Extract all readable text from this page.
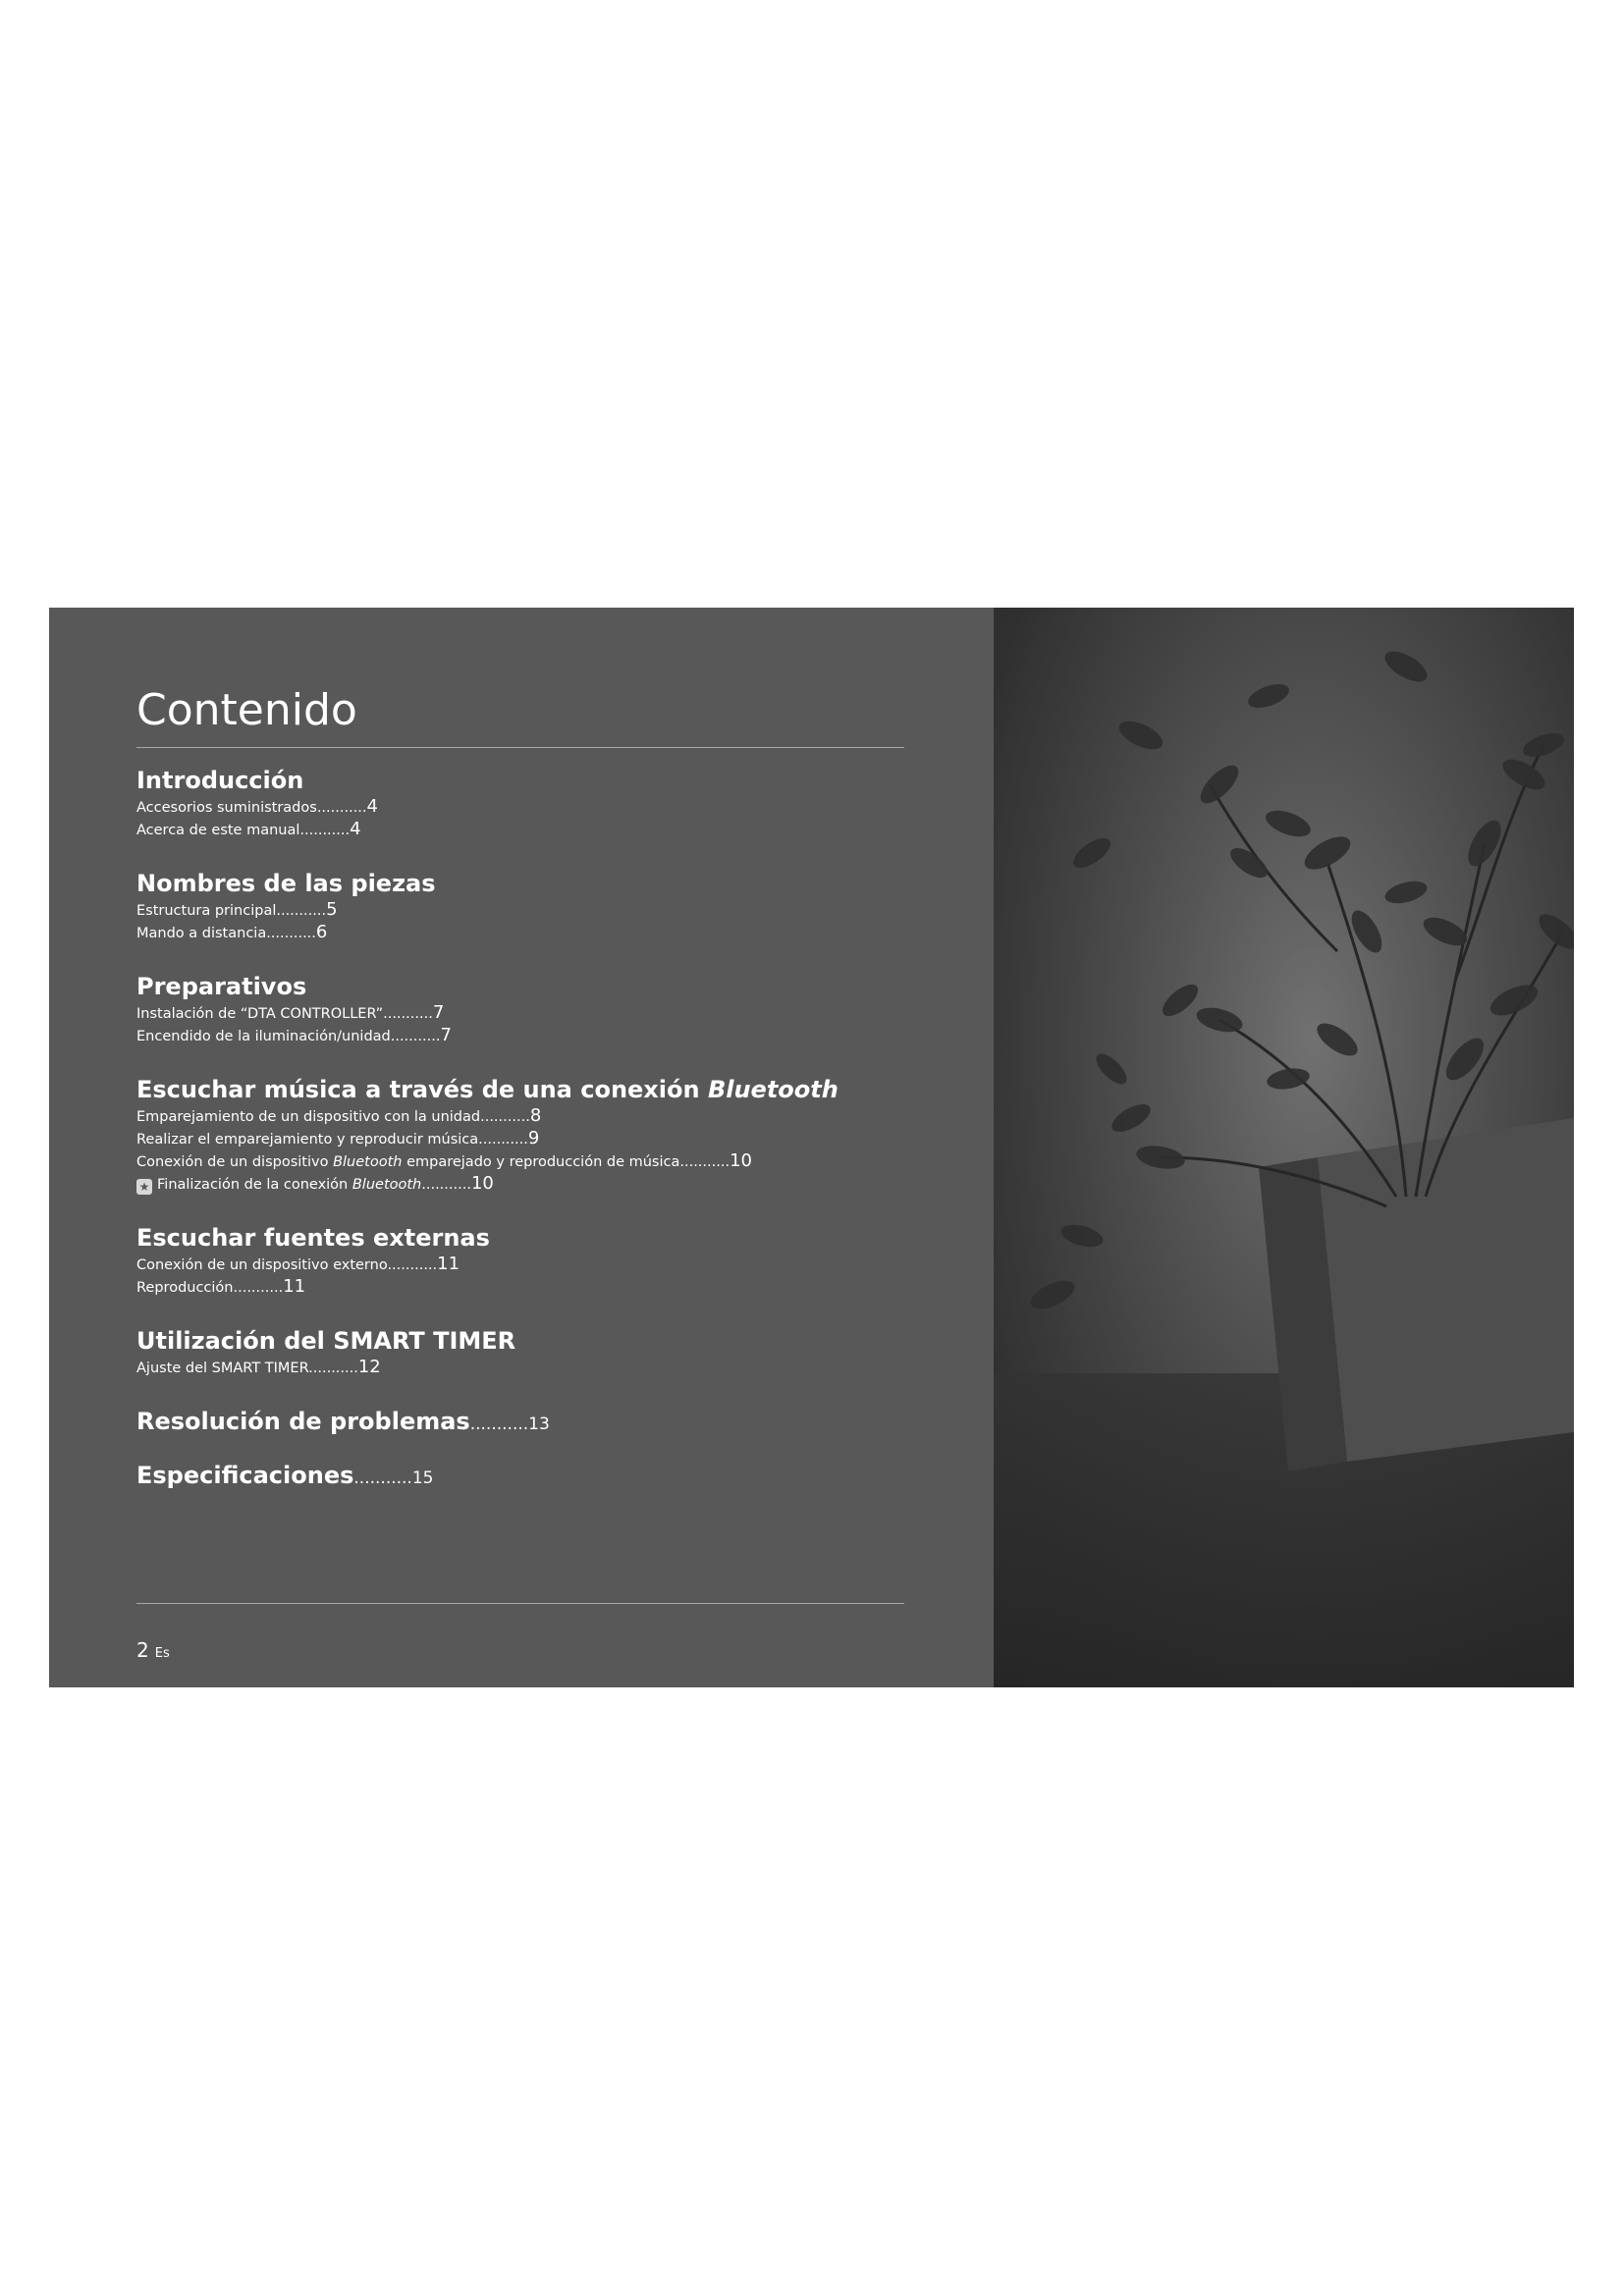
Contenido
Introducción
Accesorios suministrados...........4
Acerca de este manual...........4
Nombres de las piezas
Estructura principal...........5
Mando a distancia...........6
Preparativos
Instalación de “DTA CONTROLLER”...........7
Encendido de la iluminación/unidad...........7
Escuchar música a través de una conexión Bluetooth
Emparejamiento de un dispositivo con la unidad...........8
Realizar el emparejamiento y reproducir música...........9
Conexión de un dispositivo Bluetooth emparejado y reproducción de música...........10
★ Finalización de la conexión Bluetooth...........10
Escuchar fuentes externas
Conexión de un dispositivo externo...........11
Reproducción...........11
Utilización del SMART TIMER
Ajuste del SMART TIMER...........12
Resolución de problemas...........13
Especificaciones...........15
2 Es
